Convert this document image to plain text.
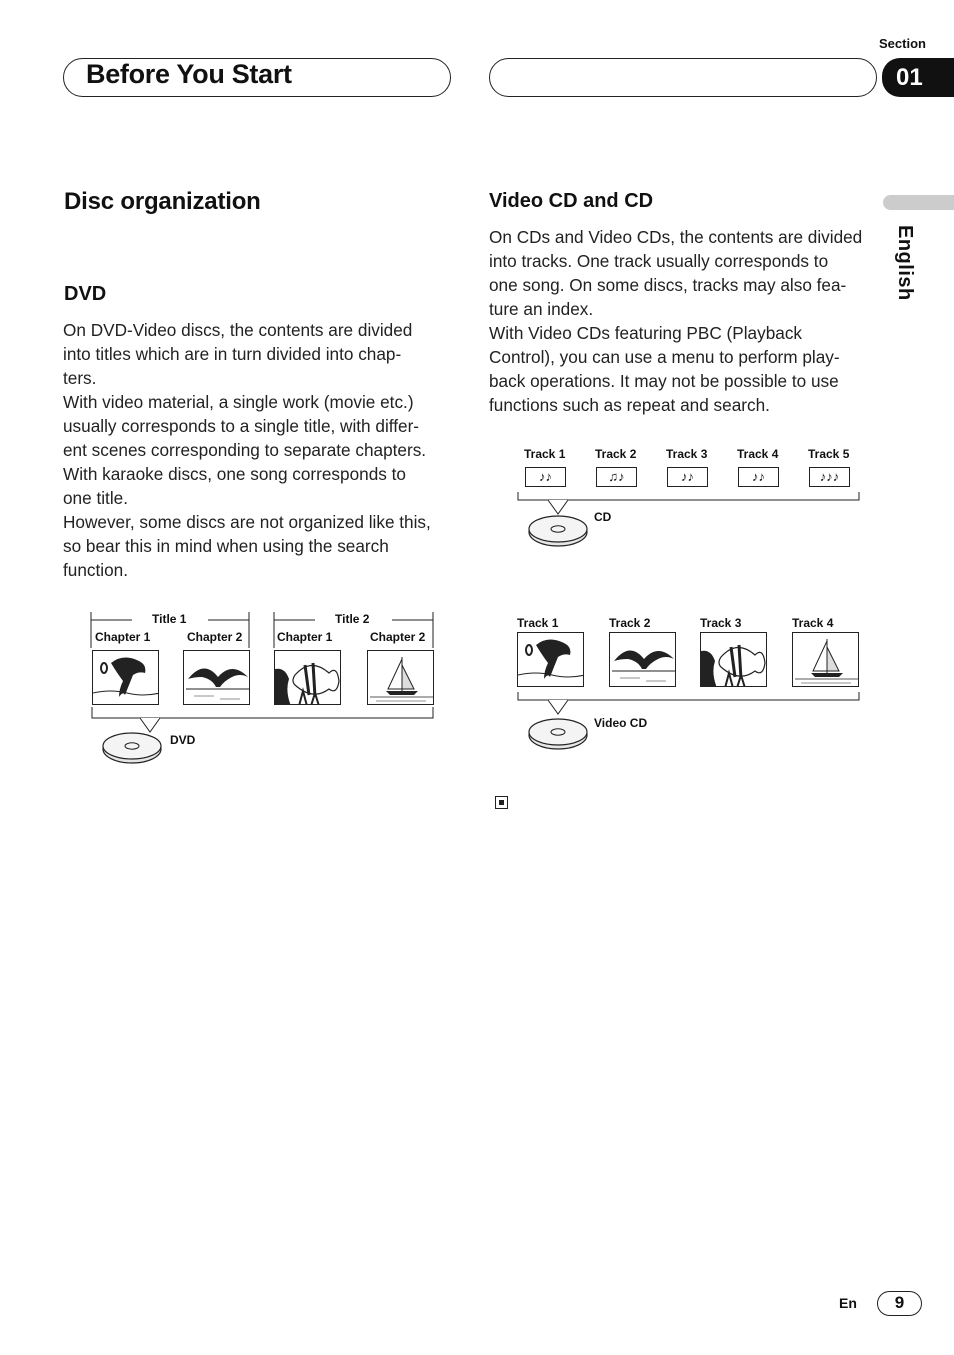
Before You Start
Section
01
English
Disc organization
DVD
On DVD-Video discs, the contents are divided
into titles which are in turn divided into chap-
ters.
With video material, a single work (movie etc.)
usually corresponds to a single title, with differ-
ent scenes corresponding to separate chapters.
With karaoke discs, one song corresponds to
one title.
However, some discs are not organized like this,
so bear this in mind when using the search
function.
Video CD and CD
On CDs and Video CDs, the contents are divided
into tracks. One track usually corresponds to
one song. On some discs, tracks may also fea-
ture an index.
With Video CDs featuring PBC (Playback
Control), you can use a menu to perform play-
back operations. It may not be possible to use
functions such as repeat and search.
Title 1	Title 2
Chapter 1	Chapter 2	Chapter 1	Chapter 2
DVD
Track 1 Track 2 Track 3 Track 4 Track 5
♪♪	♫♪	♪♪	♪♪	♪♪♪
CD
Track 1	Track 2	Track 3	Track 4
Video CD
En	9
